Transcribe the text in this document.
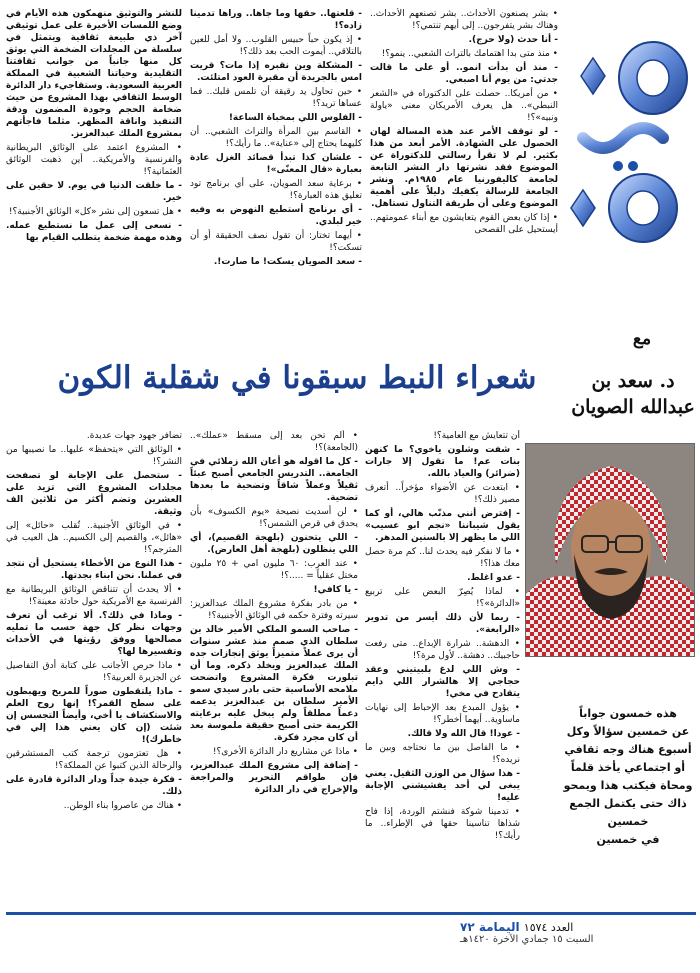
• بشر يصنعون الأحداث.. بشر تصنعهم الأحداث.. وهناك بشر يتفرجون.. إلى أيهم تنتمي؟!

- أنا حدث (ولا حرج).

• منذ متى بدا اهتمامك بالتراث الشعبي.. ينمو؟!

- منذ أن بدأت انمو.. أو على ما قالت جدتي: من يوم أنا اصبعي.

• من أمريكا.. حصلت على الدكتوراه في «الشعر النبطي».. هل يعرف الأمريكان معنى «ياولة ونبيه»؟!

- لو توقف الأمر عند هذه المسالة لهان الحصول على الشهادة. الأمر أبعد من هذا بكثير. لم لا تقرأ رسالتي للدكتوراة عن الموضوع فقد نشرتها دار النشر التابعة لجامعة كاليفورنيا عام ١٩٨٥م. ونشر الجامعة للرسالة يكفيك دليلاً على أهمية الموضوع وعلى أن طريقة التناول تستاهل.

• إذا كان بعض القوم يتعايشون مع أبناء عمومتهم.. أيستحيل على القصحى

- قلعتها.. حقها وما جاها.. وراها تدمينا زاده؟!

• إذ يكون حباً حبيس القلوب.. ولا أمل للعين بالتلاقي.. أيموت الحب بعد ذلك؟!

- المشكلة وين نقبره إذا مات؟ قريت امس بالجريدة أن مقبرة العود امتلئت.

• حين تحاول يد رقيقة أن تلمس قلبك.. فما عساها تريد؟!

- الفلوس اللي بمخباة الساعة!

• القاسم بين المرأة والتراث الشعبي.. أن كليهما يحتاج إلى «عناية».. ما رأيك؟!

- علشان كذا تبدأ قصائد الغزل عادة بعبارة «قال المعنّى»!

• برعاية سعد الصويان، على أي برنامج تود تعليق هذه العبارة؟!

- أي برنامج أستطيع النهوض به وفيه خير لبلدي.

• أيهما تختار: أن تقول نصف الحقيقة أو أن تسكت؟!

- سعد الصويان يسكت! ما صارت!.

للنشر والتوثيق منهمكون هذه الأيام في وضع اللمسات الأخيرة على عمل توثيقي آخر ذي طبيعة ثقافية ويتمثل في سلسلة من المجلدات الضخمة التي يوثق كل منها جانباً من جوانب ثقافتنا التقليدية وحياتنا الشعبية في المملكة العربية السعودية. وستقاجيء دار الدائرة الوسط الثقافي بهذا المشروع من حيث ضخامة الحجم وجودة المضمون ودقة التنفيذ واناقة المظهر. مثلما فاجأتهم بمشروع الملك عبدالعزيز.

• المشروع اعتمد على الوثائق البريطانية والفرنسية والأمريكية.. أين ذهبت الوثائق العثمانية؟!

- ما خلقت الدنيا في يوم. لا حقين على خير.

• هل تسعون إلى نشر «كل» الوثائق الأجنبية؟!

- نسعى إلى عمل ما نستطيع عمله. وهذه مهمة ضخمة يتطلب القيام بها

مع
د. سعد بن
عبدالله الصويان
شعراء النبط سبقونا في شقلبة الكون

أن تتعايش مع العامية؟!

- شفت وشلون ياخوي؟ ما كنهن بنات عم! ما تقول إلا جارات (ضرائر) والعياذ بالله.

• ابتعدت عن الأضواء مؤخراً.. أتعرف مصير ذلك؟!

- إفترض أنني مذنّب هالي، أو كما يقول شيباننا «نجم ابو عسيب» اللي ما يظهر إلا بالسنين المدهر.

• ما لا نفكر فيه يحدث لنا.. كم مرة حصل معك هذا؟!

- عدو اغلط.

• لماذا يُصِرّ البعض على تربيع «الدائرة»؟!

- ربما لأن ذلك أيسر من تدوير «الرابعة».

• الدهشة.. شرارة الإبداع.. متى رفعت حاجبيك.. دهشة.. لأول مرة؟!

- وش اللي لدغ بلبيتيني وعقد حجاجي إلا هالشرار اللي دايم يتقادح في مخي!

• يؤول المبدع بعد الإحباط إلى نهايات ماساوية.. أيهما أخطر؟!

- عودا! قال الله ولا قالك.

• ما الفاصل بين ما نحتاجه وبين ما نريده؟!

- هذا سؤال من الوزن الثقيل. يعني يبغى لي أحد يفشيشني الإجابة عليه!

• تدمينا شوكة فنشتم الوردة، إذا فاح شذاها تناسينا حقها في الإطراء.. ما رأيك؟!

• ألم تحن بعد إلى مسقط «عملك».. (الجامعة)؟!

- كل ما اقوله هو أعان الله زملائي في الجامعة.. التدريس الجامعي أصبح عبئاً ثقيلاً وعملاً شاقاً وتضحية ما بعدها تضحية.

• لن أسديت نصيحة «يوم الكسوف» بأن يحدق في قرص الشمس؟!

- اللي يتحنون (بلهجة القصيم)، أي اللي ينظلون (بلهجة أهل العارض).

• عند العرب: ٦٠ مليون امي + ٢٥ مليون مختل عقلياً = .....؟!

- يا كافي!

• من بادر بفكرة مشروع الملك عبدالعزيز: سيرته وفترة حكمه في الوثائق الأجنبية؟!

- صاحب السمو الملكي الأمير خالد بن سلطان الذي صمم منذ عشر سنوات أن يرى عملاً متميزاً يوثق إنجازات جده الملك عبدالعزيز ويخلد ذكره. وما أن تبلورت فكرة المشروع واتضحت ملامحه الأساسية حتى بادر سيدي سمو الأمير سلطان بن عبدالعزيز يدعمه دعماً مطلقاً ولم يبخل عليه برعايته الكريمة حتى أصبح حقيقة ملموسة بعد أن كان مجرد فكرة.

• ماذا عن مشاريع دار الدائرة الأخرى؟!

- إضافة إلى مشروع الملك عبدالعزيز، فإن طواقم التحرير والمراجعة والإخراج في دار الدائرة

تضافر جهود جهات عديدة.

• الوثائق التي «يتحفظ» عليها.. ما نصيبها من النشر؟!

- ستحصل على الإجابة لو تصفحت مجلدات المشروع التي تزيد على العشرين وتضم أكثر من ثلاثين الف وثيقة.

• في الوثائق الأجنبية.. تُقلب «حائل» إلى «هائل»، والقصيم إلى الكسيم.. هل العيب في المترجم؟!

- هذا النوع من الأخطاء يستحيل أن نتجد في عملنا. نحن ابناء بجدتها.

• ألا يحدث أن تتناقض الوثائق البريطانية مع الفرنسية مع الأمريكية حول حادثة معينة؟!

- وماذا في ذلك؟. ألا ترغب أن تعرف وجهات نظر كل جهة حسب ما تمليه مصالحها ووفق رؤيتها في الأحداث وتفسيرها لها؟

• ماذا حرص الأجانب على كتابة أدق التفاصيل عن الجزيرة العربية؟!

- ماذا يلتقطون صوراً للمريخ ويهبطون على سطح القمر؟! إنها روح العلم والاستكشاف يا أخي، وأيضاً التجسس إن شئت (إن كان يعني هذا إلي في خاطرك)!

• هل تعتزمون ترجمة كتب المستشرقين والرحالة الذين كتبوا عن المملكة؟!

- فكرة جيدة جداً ودار الدائرة قادرة على ذلك.

• هناك من عاصروا بناء الوطن..

هذه خمسون جواباً
عن خمسين سؤالاً وكل
أسبوع هناك وجه ثقافي
أو اجتماعي يأخذ قلماً
ومحاة فيكتب هذا ويمحو
ذاك حتى يكتمل الجمع
خمسين
في خمسين
اليمامة ٧٢ العدد ١٥٧٤
السبت ١٥ جمادي الآخرة ١٤٢٠هـ
